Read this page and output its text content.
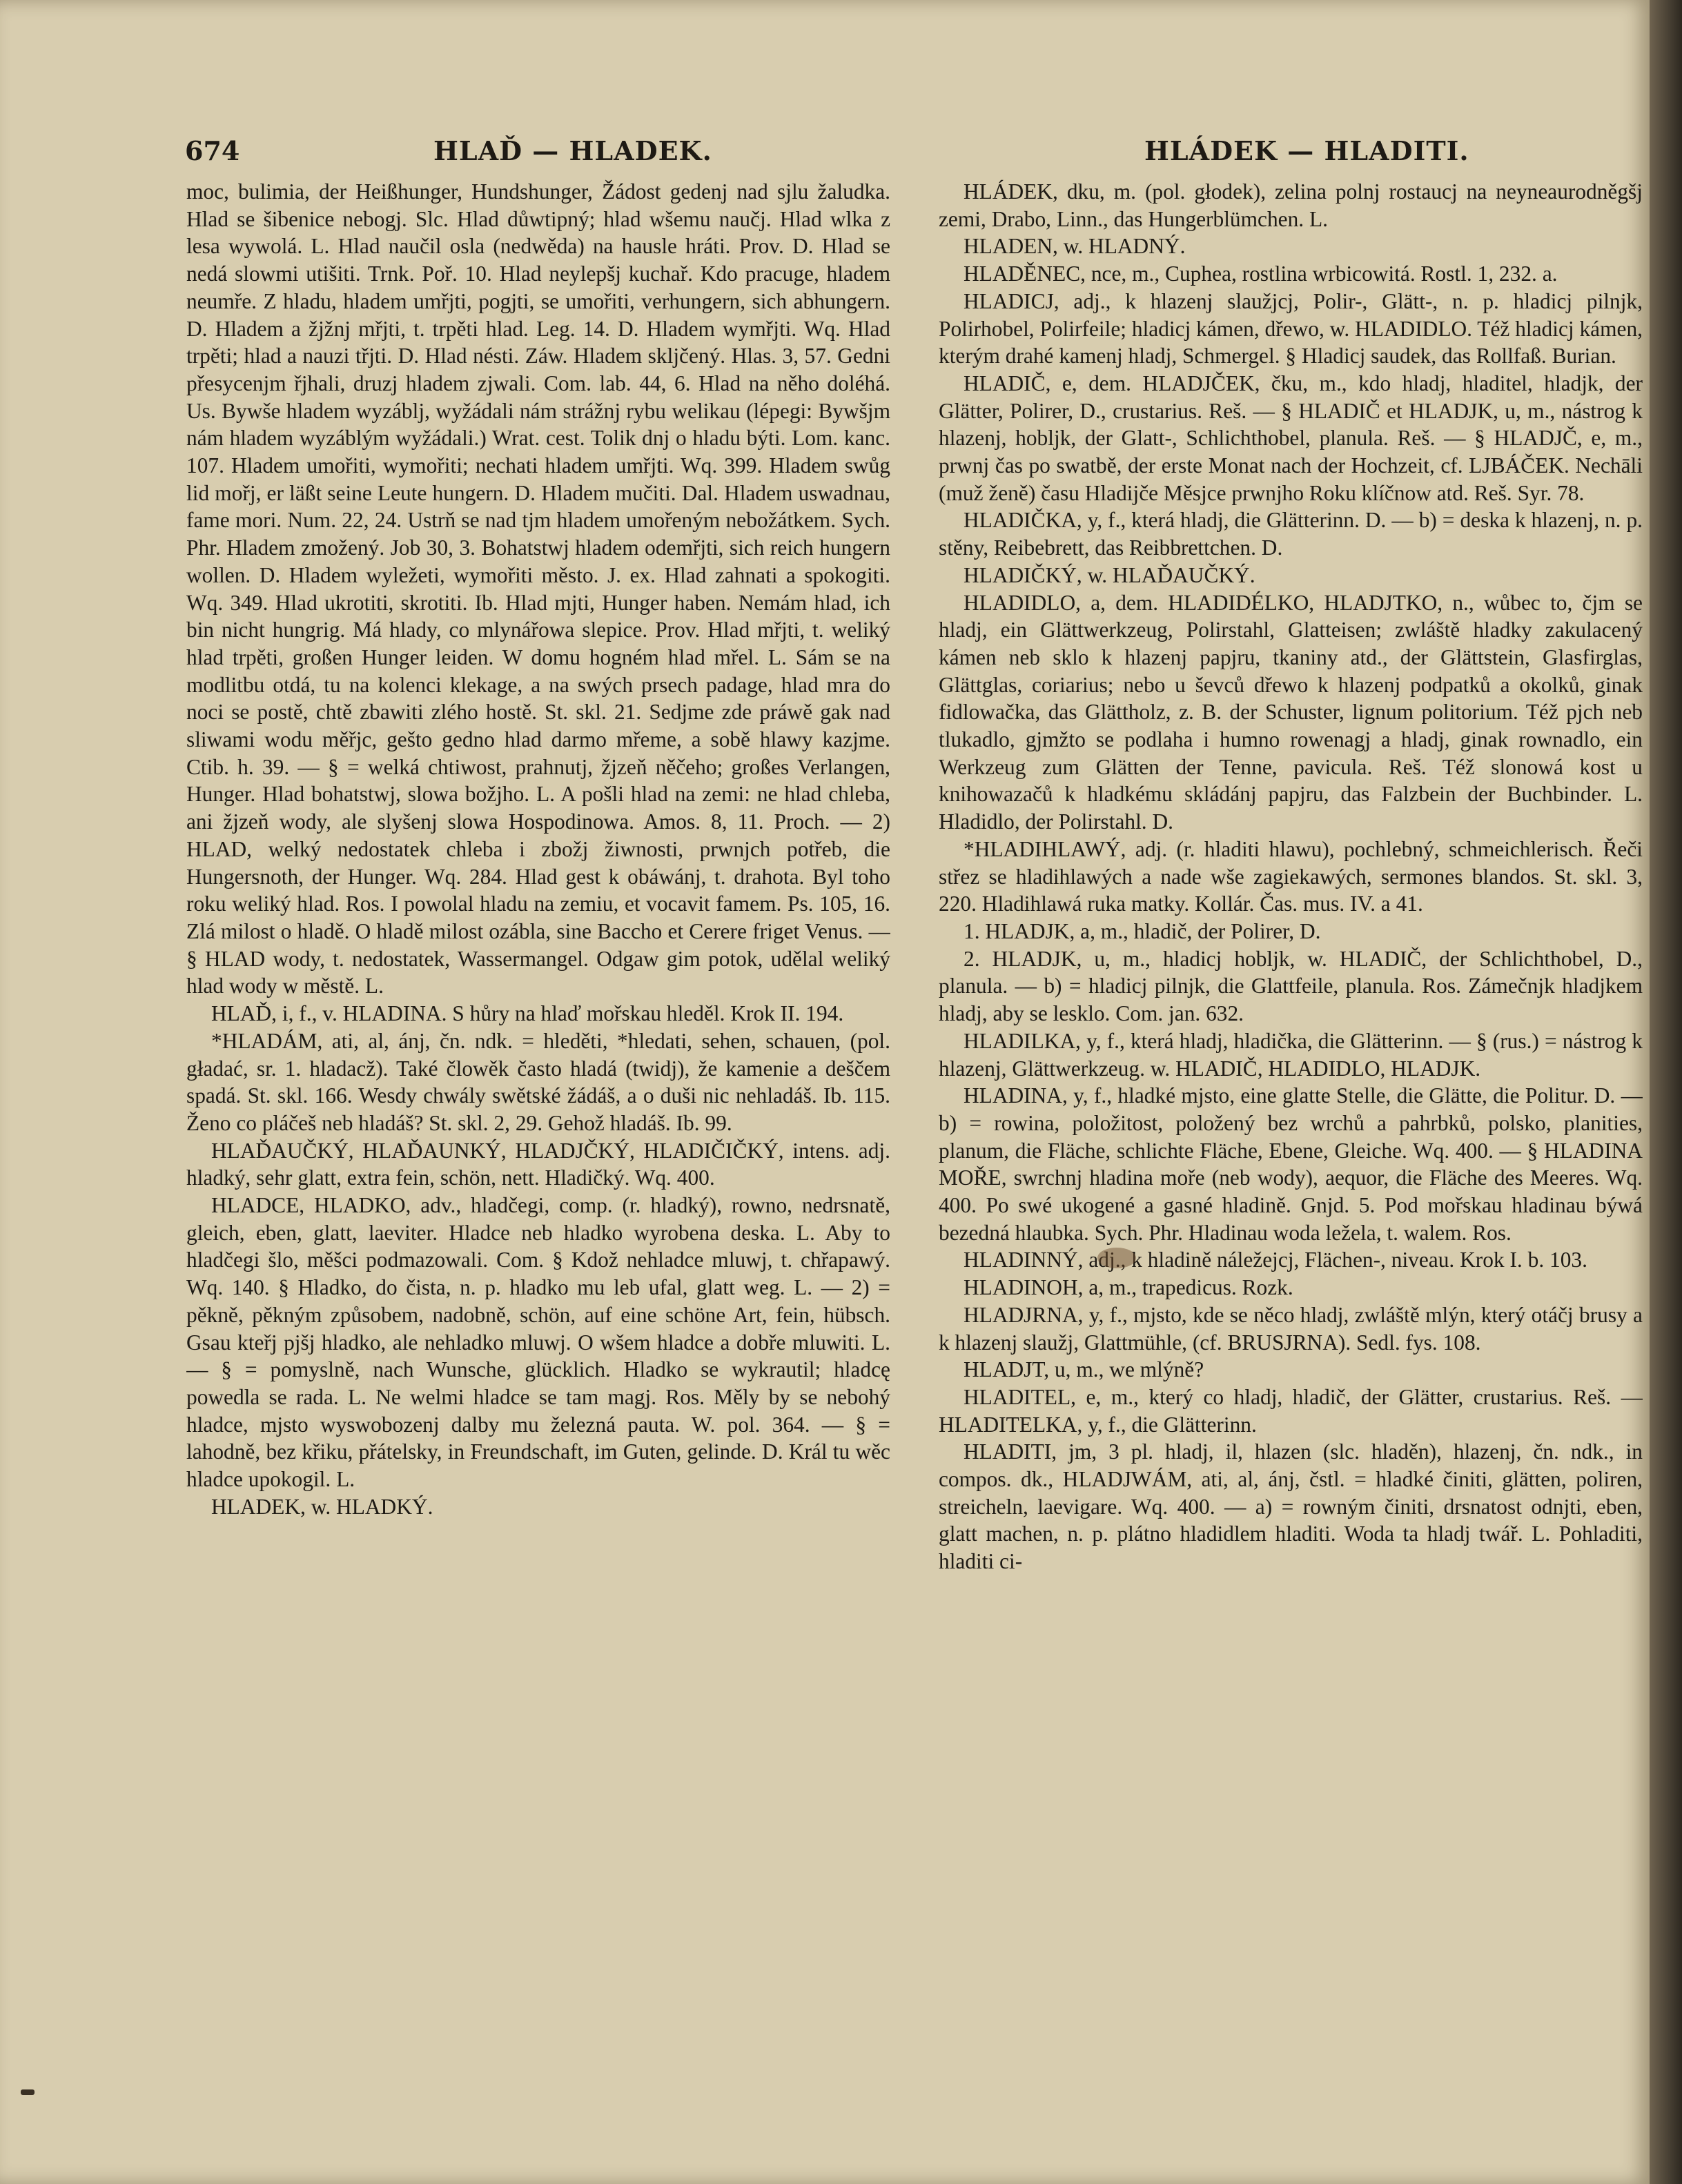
674	HLAĎ — HLADEK.	HLÁDEK — HLADITI.

moc, bulimia, der Heißhunger, Hundshunger, Žádost gedenj nad sjlu žaludka. Hlad se šibenice nebogj. Slc. Hlad důwtipný; hlad wšemu naučj. Hlad wlka z lesa wywolá. L. Hlad naučil osla (nedwěda) na hausle hráti. Prov. D. Hlad se nedá slowmi utišiti. Trnk. Poř. 10. Hlad neylepšj kuchař. Kdo pracuge, hladem neumře. Z hladu, hladem umřjti, pogjti, se umořiti, verhungern, sich abhungern. D. Hladem a žjžnj mřjti, t. trpěti hlad. Leg. 14. D. Hladem wymřjti. Wq. Hlad trpěti; hlad a nauzi třjti. D. Hlad nésti. Záw. Hladem skljčený. Hlas. 3, 57. Gedni přesycenjm řjhali, druzj hladem zjwali. Com. lab. 44, 6. Hlad na něho doléhá. Us. Bywše hladem wyzáblj, wyžádali nám strážnj rybu welikau (lépegi: Bywšjm nám hladem wyzáblým wyžádali.) Wrat. cest. Tolik dnj o hladu býti. Lom. kanc. 107. Hladem umořiti, wymořiti; nechati hladem umřjti. Wq. 399. Hladem swůg lid mořj, er läßt seine Leute hungern. D. Hladem mučiti. Dal. Hladem uswadnau, fame mori. Num. 22, 24. Ustrň se nad tjm hladem umořeným nebožátkem. Sych. Phr. Hladem zmožený. Job 30, 3. Bohatstwj hladem odemřjti, sich reich hungern wollen. D. Hladem wyležeti, wymořiti město. J. ex. Hlad zahnati a spokogiti. Wq. 349. Hlad ukrotiti, skrotiti. Ib. Hlad mjti, Hunger haben. Nemám hlad, ich bin nicht hungrig. Má hlady, co mlynářowa slepice. Prov. Hlad mřjti, t. weliký hlad trpěti, großen Hunger leiden. W domu hogném hlad mřel. L. Sám se na modlitbu otdá, tu na kolenci klekage, a na swých prsech padage, hlad mra do noci se postě, chtě zbawiti zlého hostě. St. skl. 21. Sedjme zde práwě gak nad sliwami wodu měřjc, gešto gedno hlad darmo mřeme, a sobě hlawy kazjme. Ctib. h. 39. — § = welká chtiwost, prahnutj, žjzeň něčeho; großes Verlangen, Hunger. Hlad bohatstwj, slowa božjho. L. A pošli hlad na zemi: ne hlad chleba, ani žjzeň wody, ale slyšenj slowa Hospodinowa. Amos. 8, 11. Proch. — 2) HLAD, welký nedostatek chleba i zbožj žiwnosti, prwnjch potřeb, die Hungersnoth, der Hunger. Wq. 284. Hlad gest k obáwánj, t. drahota. Byl toho roku weliký hlad. Ros. I powolal hladu na zemiu, et vocavit famem. Ps. 105, 16. Zlá milost o hladě. O hladě milost ozábla, sine Baccho et Cerere friget Venus. — § HLAD wody, t. nedostatek, Wassermangel. Odgaw gim potok, udělal weliký hlad wody w městě. L.

HLAĎ, i, f., v. HLADINA. S hůry na hlaď mořskau hleděl. Krok II. 194.

*HLADÁM, ati, al, ánj, čn. ndk. = hleděti, *hledati, sehen, schauen, (pol. gładać, sr. 1. hladacž). Také člowěk často hladá (twidj), že kamenie a deščem spadá. St. skl. 166. Wesdy chwály swětské žádáš, a o duši nic nehladáš. Ib. 115. Ženo co pláčeš neb hladáš? St. skl. 2, 29. Gehož hladáš. Ib. 99.

HLAĎAUČKÝ, HLAĎAUNKÝ, HLADJČKÝ, HLADIČIČKÝ, intens. adj. hladký, sehr glatt, extra fein, schön, nett. Hladičký. Wq. 400.

HLADCE, HLADKO, adv., hladčegi, comp. (r. hladký), rowno, nedrsnatě, gleich, eben, glatt, laeviter. Hladce neb hladko wyrobena deska. L. Aby to hladčegi šlo, měšci podmazowali. Com. § Kdož nehladce mluwj, t. chřapawý. Wq. 140. § Hladko, do čista, n. p. hladko mu leb ufal, glatt weg. L. — 2) = pěkně, pěkným způsobem, nadobně, schön, auf eine schöne Art, fein, hübsch. Gsau kteřj pjšj hladko, ale nehladko mluwj. O wšem hladce a dobře mluwiti. L. — § = pomyslně, nach Wunsche, glücklich. Hladko se wykrautil; hladcę powedla se rada. L. Ne welmi hladce se tam magj. Ros. Měly by se nebohý hladce, mjsto wyswobozenj dalby mu železná pauta. W. pol. 364. — § = lahodně, bez křiku, přátelsky, in Freundschaft, im Guten, gelinde. D. Král tu wěc hladce upokogil. L.

HLADEK, w. HLADKÝ.

HLÁDEK, dku, m. (pol. głodek), zelina polnj rostaucj na neyneaurodněgšj zemi, Drabo, Linn., das Hungerblümchen. L.

HLADEN, w. HLADNÝ.

HLADĚNEC, nce, m., Cuphea, rostlina wrbicowitá. Rostl. 1, 232. a.

HLADICJ, adj., k hlazenj slaužjcj, Polir-, Glätt-, n. p. hladicj pilnjk, Polirhobel, Polirfeile; hladicj kámen, dřewo, w. HLADIDLO. Též hladicj kámen, kterým drahé kamenj hladj, Schmergel. § Hladicj saudek, das Rollfaß. Burian.

HLADIČ, e, dem. HLADJČEK, čku, m., kdo hladj, hladitel, hladjk, der Glätter, Polirer, D., crustarius. Reš. — § HLADIČ et HLADJK, u, m., nástrog k hlazenj, hobljk, der Glatt-, Schlichthobel, planula. Reš. — § HLADJČ, e, m., prwnj čas po swatbě, der erste Monat nach der Hochzeit, cf. LJBÁČEK. Nechāli (muž ženě) času Hladijče Měsjce prwnjho Roku klíčnow atd. Reš. Syr. 78.

HLADIČKA, y, f., která hladj, die Glätterinn. D. — b) = deska k hlazenj, n. p. stěny, Reibebrett, das Reibbrettchen. D.

HLADIČKÝ, w. HLAĎAUČKÝ.

HLADIDLO, a, dem. HLADIDÉLKO, HLADJTKO, n., wůbec to, čjm se hladj, ein Glättwerkzeug, Polirstahl, Glatteisen; zwláště hladky zakulacený kámen neb sklo k hlazenj papjru, tkaniny atd., der Glättstein, Glasfirglas, Glättglas, coriarius; nebo u ševců dřewo k hlazenj podpatků a okolků, ginak fidlowačka, das Glättholz, z. B. der Schuster, lignum politorium. Též pjch neb tlukadlo, gjmžto se podlaha i humno rowenagj a hladj, ginak rownadlo, ein Werkzeug zum Glätten der Tenne, pavicula. Reš. Též slonowá kost u knihowazačů k hladkému skládánj papjru, das Falzbein der Buchbinder. L. Hladidlo, der Polirstahl. D.

*HLADIHLAWÝ, adj. (r. hladiti hlawu), pochlebný, schmeichlerisch. Řeči střez se hladihlawých a nade wše zagiekawých, sermones blandos. St. skl. 3, 220. Hladihlawá ruka matky. Kollár. Čas. mus. IV. a 41.

1. HLADJK, a, m., hladič, der Polirer, D.

2. HLADJK, u, m., hladicj hobljk, w. HLADIČ, der Schlichthobel, D., planula. — b) = hladicj pilnjk, die Glattfeile, planula. Ros. Zámečnjk hladjkem hladj, aby se lesklo. Com. jan. 632.

HLADILKA, y, f., která hladj, hladička, die Glätterinn. — § (rus.) = nástrog k hlazenj, Glättwerkzeug. w. HLADIČ, HLADIDLO, HLADJK.

HLADINA, y, f., hladké mjsto, eine glatte Stelle, die Glätte, die Politur. D. — b) = rowina, položitost, položený bez wrchů a pahrbků, polsko, planities, planum, die Fläche, schlichte Fläche, Ebene, Gleiche. Wq. 400. — § HLADINA MOŘE, swrchnj hladina moře (neb wody), aequor, die Fläche des Meeres. Wq. 400. Po swé ukogené a gasné hladině. Gnjd. 5. Pod mořskau hladinau býwá bezedná hlaubka. Sych. Phr. Hladinau woda ležela, t. walem. Ros.

HLADINNÝ, adj., k hladině náležejcj, Flächen-, niveau. Krok I. b. 103.

HLADINOH, a, m., trapedicus. Rozk.

HLADJRNA, y, f., mjsto, kde se něco hladj, zwláště mlýn, který otáčj brusy a k hlazenj slaužj, Glattmühle, (cf. BRUSJRNA). Sedl. fys. 108.

HLADJT, u, m., we mlýně?

HLADITEL, e, m., který co hladj, hladič, der Glätter, crustarius. Reš. — HLADITELKA, y, f., die Glätterinn.

HLADITI, jm, 3 pl. hladj, il, hlazen (slc. hladěn), hlazenj, čn. ndk., in compos. dk., HLADJWÁM, ati, al, ánj, čstl. = hladké činiti, glätten, poliren, streicheln, laevigare. Wq. 400. — a) = rowným činiti, drsnatost odnjti, eben, glatt machen, n. p. plátno hladidlem hladiti. Woda ta hladj twář. L. Pohladiti, hladiti ci-
